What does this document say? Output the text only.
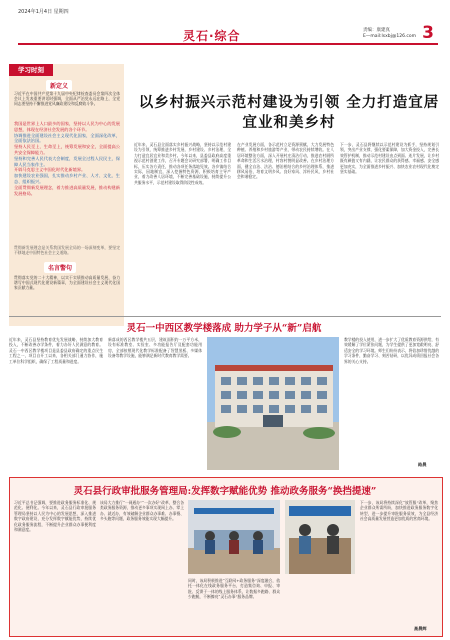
2024年1月4日 星期四
灵石·综合	责编：康建真
E—mail:lsxbj@126.com 3
学习时刻
新定义
习近平在中国共产党第十九届中央纪律检查委员会第四次全体会议上发表重要讲话时强调，全面从严治党永远在路上，全党同志要坚持不懈推进党风廉政建设和反腐败斗争。
我国是世界上人口最多的国家，坚持以人民为中心的发展思想，体现在经济社会发展的各个环节。
协调推进全面建设社会主义现代化国家，全面深化改革，全面依法治国。
坚持人民至上、生命至上，统筹发展和安全，全面提高公共安全保障能力。
坚持和完善人民代表大会制度，发展全过程人民民主，保障人民当家作主。
开辟马克思主义中国化时代化新境界。
加快建设农业强国，扎实推动乡村产业、人才、文化、生态、组织振兴。
全面贯彻新发展理念，着力推进高质量发展，推动构建新发展格局。
贯彻新发展理念是关系我国发展全局的一场深刻变革，要坚定不移地走中国特色社会主义道路。
名言警句
贯彻落实党的二十大精神，以实干实绩推动高质量发展，奋力谱写中国式现代化建设新篇章，为全面建设社会主义现代化国家贡献力量。
以乡村振兴示范村建设为引领 全力打造宜居宜业和美乡村
近年来，灵石县全面落实乡村振兴战略，坚持以示范村建设为引领，统筹推进乡村发展、乡村建设、乡村治理，全力打造宜居宜业和美乡村。今年以来，县委县政府高度重视示范村创建工作，召开专题会议研究部署，明确工作目标，压实各方责任，推动各项任务落地见效。各乡镇结合实际，因地制宜，深入挖掘特色资源，积极培育主导产业，着力改善人居环境，不断完善基础设施，持续提升公共服务水平，示范村建设取得阶段性成效。
在产业发展方面，各示范村立足资源禀赋，大力发展特色种植、养殖和乡村旅游等产业，带动农民持续增收。在人居环境整治方面，深入开展村庄清洁行动，推进农村厕所革命和生活污水治理，村容村貌明显改善。在乡村治理方面，健全自治、法治、德治相结合的乡村治理体系，推进移风易俗，培育文明乡风、良好家风、淳朴民风，乡村社会和谐稳定。
下一步，灵石县将继续以示范村建设为抓手，坚持规划引领，突出产业支撑，强化要素保障，加大资金投入，完善长效管护机制，推动示范村建设由点到面、连片发展，让乡村既有颜值又有内涵，让农民群众的获得感、幸福感、安全感更加充实，为全面推进乡村振兴、加快农业农村现代化奠定坚实基础。
灵石一中西区教学楼落成 助力学子从“新”启航
近年来，灵石县坚持教育优先发展战略，持续加大教育投入，不断改善办学条件，着力办好人民满意的教育。灵石一中西区教学楼项目是县委县政府确定的重点民生工程之一，项目自开工以来，各相关部门通力协作，施工单位科学组织，确保了工程质量和进度。
新落成的西区教学楼共五层，建筑面积约一万平方米，设有标准教室、实验室、多功能报告厅及配套功能用房，全部按照现代化教学标准配备了智慧黑板、多媒体设备等教学设施，能够满足新时代教育教学需要。
教学楼的投入使用，进一步扩大了优质教育资源供给，有效缓解了学位紧张问题，为学生提供了更加宽敞明亮、舒适安全的学习环境。师生们纷纷表示，将倍加珍惜优越的学习条件，勤奋学习、刻苦钻研，以优异成绩回报社会各界的关心支持。
路晨
灵石县行政审批服务管理局:发挥数字赋能优势 推动政务服务“换挡提速”
习近平总书记强调，要推进政务服务标准化、规范化、便利化。今年以来，灵石县行政审批服务管理局坚持以人民为中心的发展思想，深入推进数字政府建设，充分发挥数字赋能优势，持续优化政务服务流程，不断提升企业群众办事便利度和满意度。
该局大力推行“一网通办”“一次办好”改革，整合各类政务服务资源，推动更多事项实现网上办、掌上办、就近办，有效破解企业群众办事难、办事慢、多头跑等问题，政务服务效能实现大幅提升。
同时，该局积极推进“互联网+政务服务”深度融合，依托一体化在线政务服务平台，打造集咨询、申报、审批、反馈于一体的线上服务体系，让数据多跑路、群众少跑腿，不断擦亮“灵石办事”服务品牌。
下一步，该局将持续深化“放管服”改革，聚焦企业群众所需所盼，加快推进政务服务数字化转型，进一步提升审批服务质效，为全县经济社会高质量发展营造更加优质的营商环境。
高晨辉
